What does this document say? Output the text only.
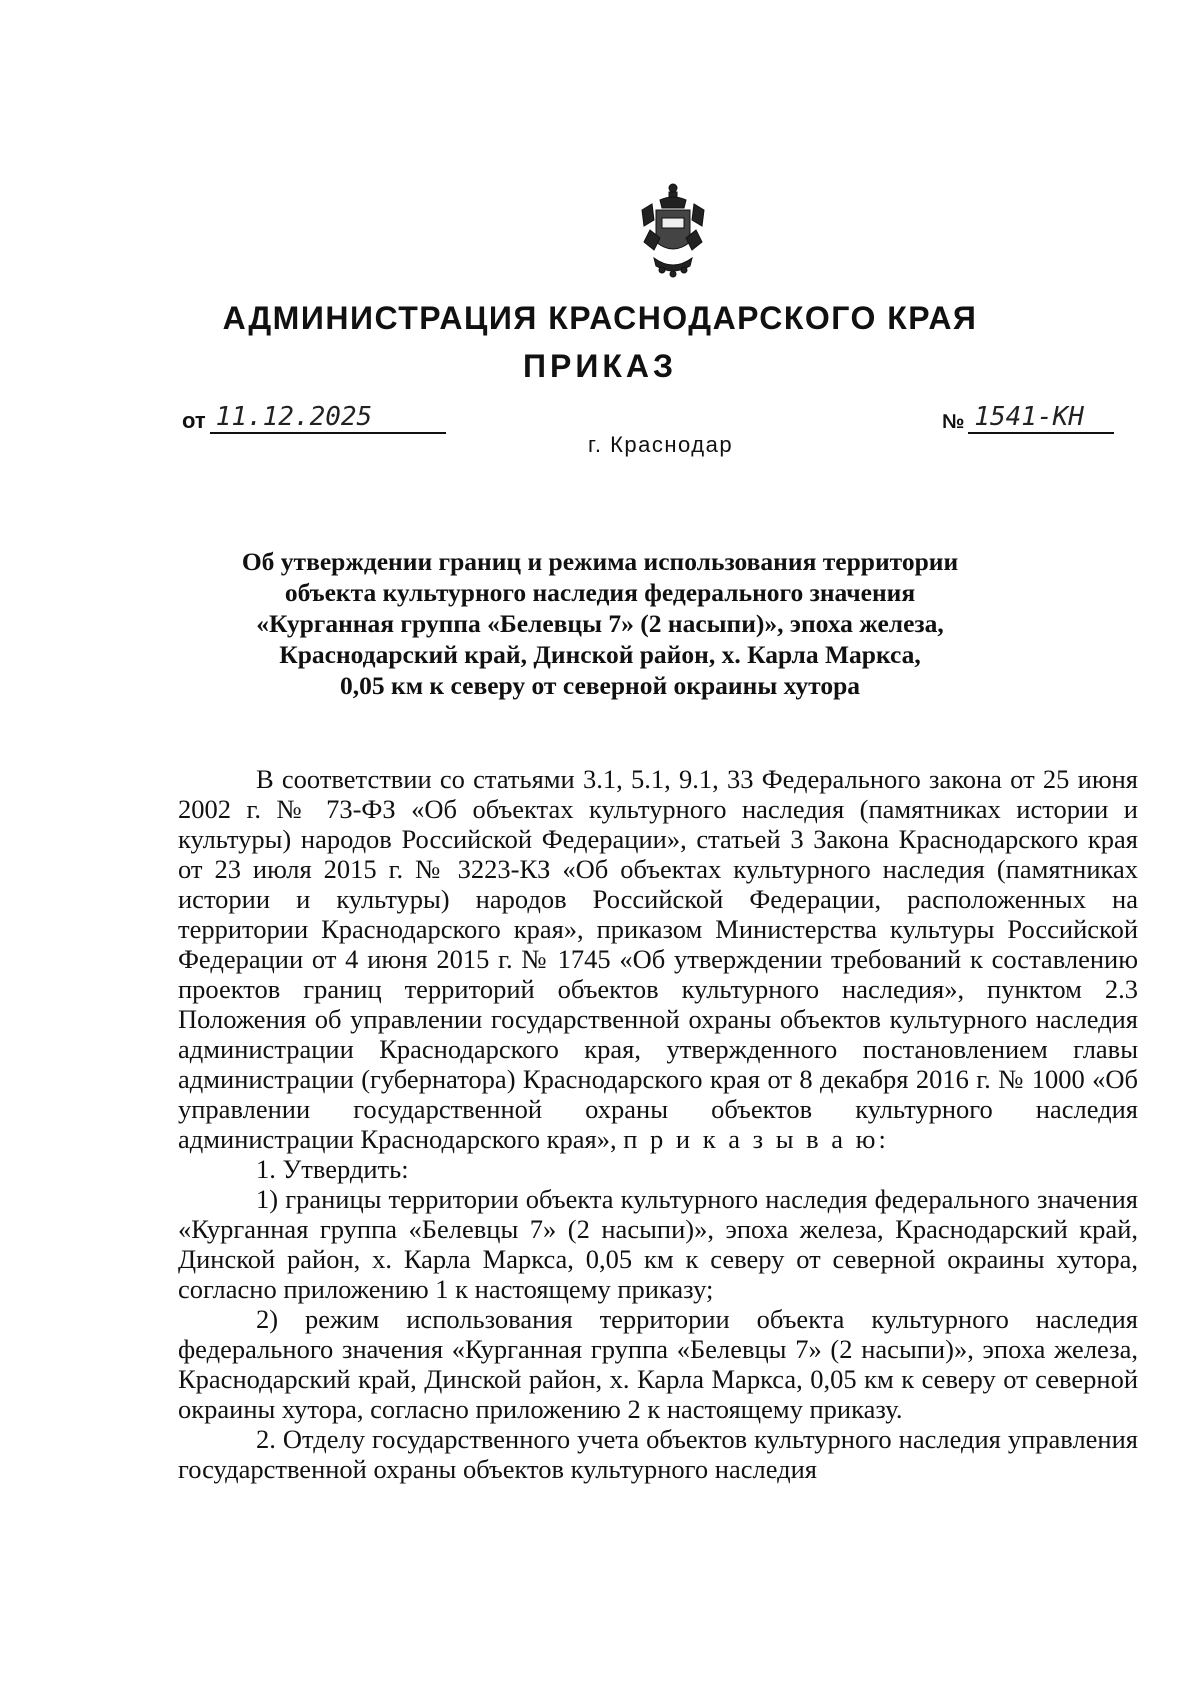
АДМИНИСТРАЦИЯ КРАСНОДАРСКОГО КРАЯ
ПРИКАЗ
от 11.12.2025	№ 1541-КН
г. Краснодар
Об утверждении границ и режима использования территории
объекта культурного наследия федерального значения
«Курганная группа «Белевцы 7» (2 насыпи)», эпоха железа,
Краснодарский край, Динской район, х. Карла Маркса,
0,05 км к северу от северной окраины хутора

В соответствии со статьями 3.1, 5.1, 9.1, 33 Федерального закона от 25 июня 2002 г. № 73-ФЗ «Об объектах культурного наследия (памятниках истории и культуры) народов Российской Федерации», статьей 3 Закона Краснодарского края от 23 июля 2015 г. № 3223-КЗ «Об объектах культурного наследия (памятниках истории и культуры) народов Российской Федерации, расположенных на территории Краснодарского края», приказом Министерства культуры Российской Федерации от 4 июня 2015 г. № 1745 «Об утверждении требований к составлению проектов границ территорий объектов культурного наследия», пунктом 2.3 Положения об управлении государственной охраны объектов культурного наследия администрации Краснодарского края, утвержденного постановлением главы администрации (губернатора) Краснодарского края от 8 декабря 2016 г. № 1000 «Об управлении государственной охраны объектов культурного наследия администрации Краснодарского края», п р и к а з ы в а ю:

1. Утвердить:

1) границы территории объекта культурного наследия федерального значения «Курганная группа «Белевцы 7» (2 насыпи)», эпоха железа, Краснодарский край, Динской район, х. Карла Маркса, 0,05 км к северу от северной окраины хутора, согласно приложению 1 к настоящему приказу;

2) режим использования территории объекта культурного наследия федерального значения «Курганная группа «Белевцы 7» (2 насыпи)», эпоха железа, Краснодарский край, Динской район, х. Карла Маркса, 0,05 км к северу от северной окраины хутора, согласно приложению 2 к настоящему приказу.

2. Отделу государственного учета объектов культурного наследия управления государственной охраны объектов культурного наследия
